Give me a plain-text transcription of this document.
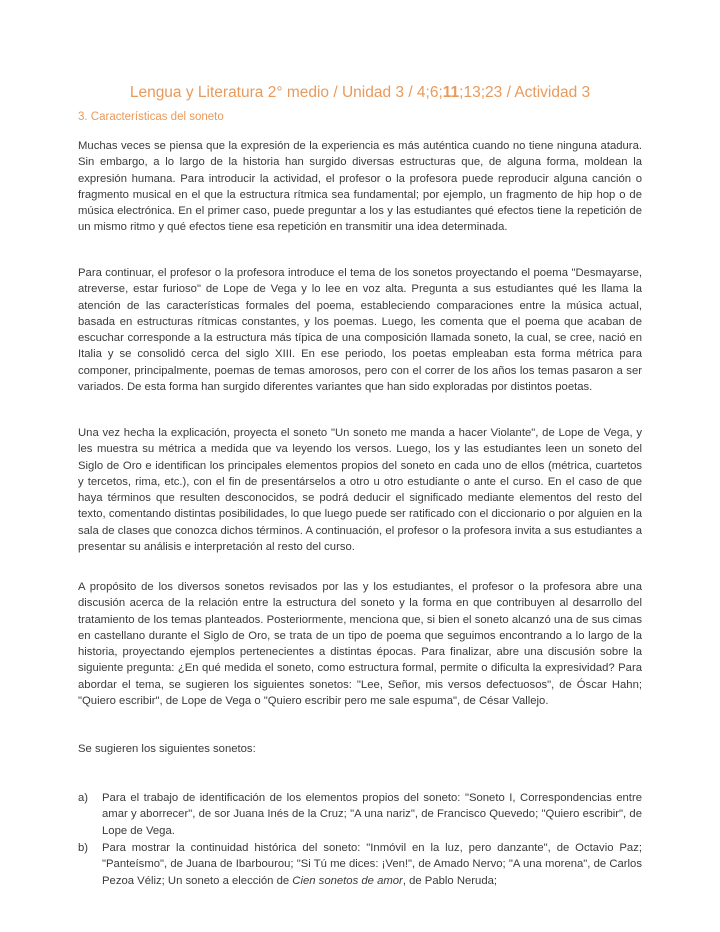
Lengua y Literatura 2° medio / Unidad 3 / 4;6;11;13;23 / Actividad 3
3. Características del soneto

Muchas veces se piensa que la expresión de la experiencia es más auténtica cuando no tiene ninguna atadura. Sin embargo, a lo largo de la historia han surgido diversas estructuras que, de alguna forma, moldean la expresión humana. Para introducir la actividad, el profesor o la profesora puede reproducir alguna canción o fragmento musical en el que la estructura rítmica sea fundamental; por ejemplo, un fragmento de hip hop o de música electrónica. En el primer caso, puede preguntar a los y las estudiantes qué efectos tiene la repetición de un mismo ritmo y qué efectos tiene esa repetición en transmitir una idea determinada.

Para continuar, el profesor o la profesora introduce el tema de los sonetos proyectando el poema "Desmayarse, atreverse, estar furioso" de Lope de Vega y lo lee en voz alta. Pregunta a sus estudiantes qué les llama la atención de las características formales del poema, estableciendo comparaciones entre la música actual, basada en estructuras rítmicas constantes, y los poemas. Luego, les comenta que el poema que acaban de escuchar corresponde a la estructura más típica de una composición llamada soneto, la cual, se cree, nació en Italia y se consolidó cerca del siglo XIII. En ese periodo, los poetas empleaban esta forma métrica para componer, principalmente, poemas de temas amorosos, pero con el correr de los años los temas pasaron a ser variados. De esta forma han surgido diferentes variantes que han sido exploradas por distintos poetas.

Una vez hecha la explicación, proyecta el soneto "Un soneto me manda a hacer Violante", de Lope de Vega, y les muestra su métrica a medida que va leyendo los versos. Luego, los y las estudiantes leen un soneto del Siglo de Oro e identifican los principales elementos propios del soneto en cada uno de ellos (métrica, cuartetos y tercetos, rima, etc.), con el fin de presentárselos a otro u otro estudiante o ante el curso. En el caso de que haya términos que resulten desconocidos, se podrá deducir el significado mediante elementos del resto del texto, comentando distintas posibilidades, lo que luego puede ser ratificado con el diccionario o por alguien en la sala de clases que conozca dichos términos. A continuación, el profesor o la profesora invita a sus estudiantes a presentar su análisis e interpretación al resto del curso.

A propósito de los diversos sonetos revisados por las y los estudiantes, el profesor o la profesora abre una discusión acerca de la relación entre la estructura del soneto y la forma en que contribuyen al desarrollo del tratamiento de los temas planteados. Posteriormente, menciona que, si bien el soneto alcanzó una de sus cimas en castellano durante el Siglo de Oro, se trata de un tipo de poema que seguimos encontrando a lo largo de la historia, proyectando ejemplos pertenecientes a distintas épocas. Para finalizar, abre una discusión sobre la siguiente pregunta: ¿En qué medida el soneto, como estructura formal, permite o dificulta la expresividad? Para abordar el tema, se sugieren los siguientes sonetos: "Lee, Señor, mis versos defectuosos", de Óscar Hahn; "Quiero escribir", de Lope de Vega o "Quiero escribir pero me sale espuma", de César Vallejo.

Se sugieren los siguientes sonetos:

a)	Para el trabajo de identificación de los elementos propios del soneto: "Soneto I, Correspondencias entre amar y aborrecer", de sor Juana Inés de la Cruz; "A una nariz", de Francisco Quevedo; "Quiero escribir", de Lope de Vega.
b)	Para mostrar la continuidad histórica del soneto: "Inmóvil en la luz, pero danzante", de Octavio Paz; "Panteísmo", de Juana de Ibarbourou; "Si Tú me dices: ¡Ven!", de Amado Nervo; "A una morena", de Carlos Pezoa Véliz; Un soneto a elección de Cien sonetos de amor, de Pablo Neruda;
